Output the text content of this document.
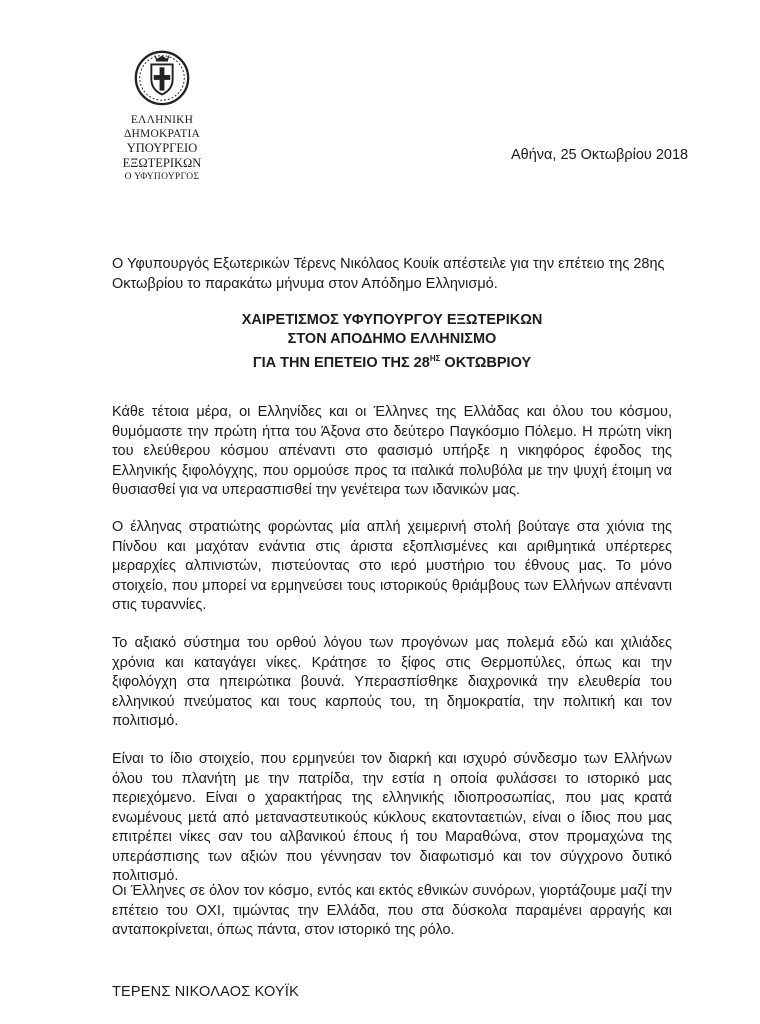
ΕΛΛΗΝΙΚΗ ΔΗΜΟΚΡΑΤΙΑ
ΥΠΟΥΡΓΕΙΟ ΕΞΩΤΕΡΙΚΩΝ
Ο ΥΦΥΠΟΥΡΓΟΣ
Αθήνα, 25 Οκτωβρίου 2018
Ο Υφυπουργός Εξωτερικών Τέρενς Νικόλαος Κουίκ απέστειλε για την επέτειο της 28ης Οκτωβρίου το παρακάτω μήνυμα στον Απόδημο Ελληνισμό.
ΧΑΙΡΕΤΙΣΜΟΣ ΥΦΥΠΟΥΡΓΟΥ ΕΞΩΤΕΡΙΚΩΝ
ΣΤΟΝ ΑΠΟΔΗΜΟ ΕΛΛΗΝΙΣΜΟ
ΓΙΑ ΤΗΝ ΕΠΕΤΕΙΟ ΤΗΣ $28^{H\Sigma}$ ΟΚΤΩΒΡΙΟΥ
Κάθε τέτοια μέρα, οι Ελληνίδες και οι Έλληνες της Ελλάδας και όλου του κόσμου, θυμόμαστε την πρώτη ήττα του Άξονα στο δεύτερο Παγκόσμιο Πόλεμο. Η πρώτη νίκη του ελεύθερου κόσμου απέναντι στο φασισμό υπήρξε η νικηφόρος έφοδος της Ελληνικής ξιφολόγχης, που ορμούσε προς τα ιταλικά πολυβόλα με την ψυχή έτοιμη να θυσιασθεί για να υπερασπισθεί την γενέτειρα των ιδανικών μας.
Ο έλληνας στρατιώτης φορώντας μία απλή χειμερινή στολή βούταγε στα χιόνια της Πίνδου και μαχόταν ενάντια στις άριστα εξοπλισμένες και αριθμητικά υπέρτερες μεραρχίες αλπινιστών, πιστεύοντας στο ιερό μυστήριο του έθνους μας. Το μόνο στοιχείο, που μπορεί να ερμηνεύσει τους ιστορικούς θριάμβους των Ελλήνων απέναντι στις τυραννίες.
Το αξιακό σύστημα του ορθού λόγου των προγόνων μας πολεμά εδώ και χιλιάδες χρόνια και καταγάγει νίκες. Κράτησε το ξίφος στις Θερμοπύλες, όπως και την ξιφολόγχη στα ηπειρώτικα βουνά. Υπερασπίσθηκε διαχρονικά την ελευθερία του ελληνικού πνεύματος και τους καρπούς του, τη δημοκρατία, την πολιτική και τον πολιτισμό.
Είναι το ίδιο στοιχείο, που ερμηνεύει τον διαρκή και ισχυρό σύνδεσμο των Ελλήνων όλου του πλανήτη με την πατρίδα, την εστία η οποία φυλάσσει το ιστορικό μας περιεχόμενο. Είναι ο χαρακτήρας της ελληνικής ιδιοπροσωπίας, που μας κρατά ενωμένους μετά από μεταναστευτικούς κύκλους εκατονταετιών, είναι ο ίδιος που μας επιτρέπει νίκες σαν του αλβανικού έπους ή του Μαραθώνα, στον προμαχώνα της υπεράσπισης των αξιών που γέννησαν τον διαφωτισμό και τον σύγχρονο δυτικό πολιτισμό.
Οι Έλληνες σε όλον τον κόσμο, εντός και εκτός εθνικών συνόρων, γιορτάζουμε μαζί την επέτειο του ΟΧΙ, τιμώντας την Ελλάδα, που στα δύσκολα παραμένει αρραγής και ανταποκρίνεται, όπως πάντα, στον ιστορικό της ρόλο.
ΤΕΡΕΝΣ ΝΙΚΟΛΑΟΣ ΚΟΥΪΚ
